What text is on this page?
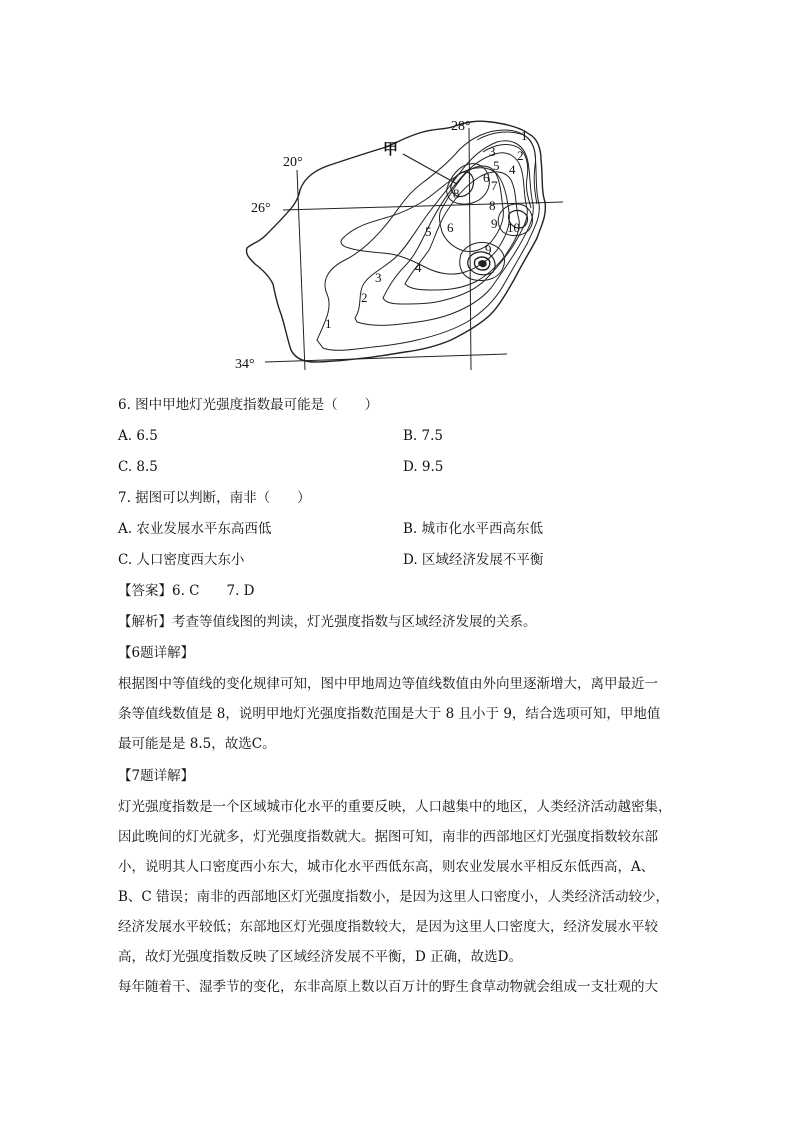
28°
20°
26°
34°
甲
1
2
3
4
5
6
7
8
8
9
9
10
1
2
3
4
5 6
6. 图中甲地灯光强度指数最可能是（　　）
A. 6.5	B. 7.5
C. 8.5	D. 9.5
7. 据图可以判断，南非（　　）
A. 农业发展水平东高西低	B. 城市化水平西高东低
C. 人口密度西大东小	D. 区域经济发展不平衡
【答案】6. C　　7. D
【解析】考查等值线图的判读，灯光强度指数与区域经济发展的关系。
【6题详解】
根据图中等值线的变化规律可知，图中甲地周边等值线数值由外向里逐渐增大，离甲最近一
条等值线数值是 8，说明甲地灯光强度指数范围是大于 8 且小于 9，结合选项可知，甲地值
最可能是是 8.5，故选C。
【7题详解】
灯光强度指数是一个区域城市化水平的重要反映，人口越集中的地区，人类经济活动越密集，
因此晚间的灯光就多，灯光强度指数就大。据图可知，南非的西部地区灯光强度指数较东部
小，说明其人口密度西小东大，城市化水平西低东高，则农业发展水平相反东低西高，A、
B、C 错误；南非的西部地区灯光强度指数小，是因为这里人口密度小，人类经济活动较少，
经济发展水平较低；东部地区灯光强度指数较大，是因为这里人口密度大，经济发展水平较
高，故灯光强度指数反映了区域经济发展不平衡，D 正确，故选D。
每年随着干、湿季节的变化，东非高原上数以百万计的野生食草动物就会组成一支壮观的大
